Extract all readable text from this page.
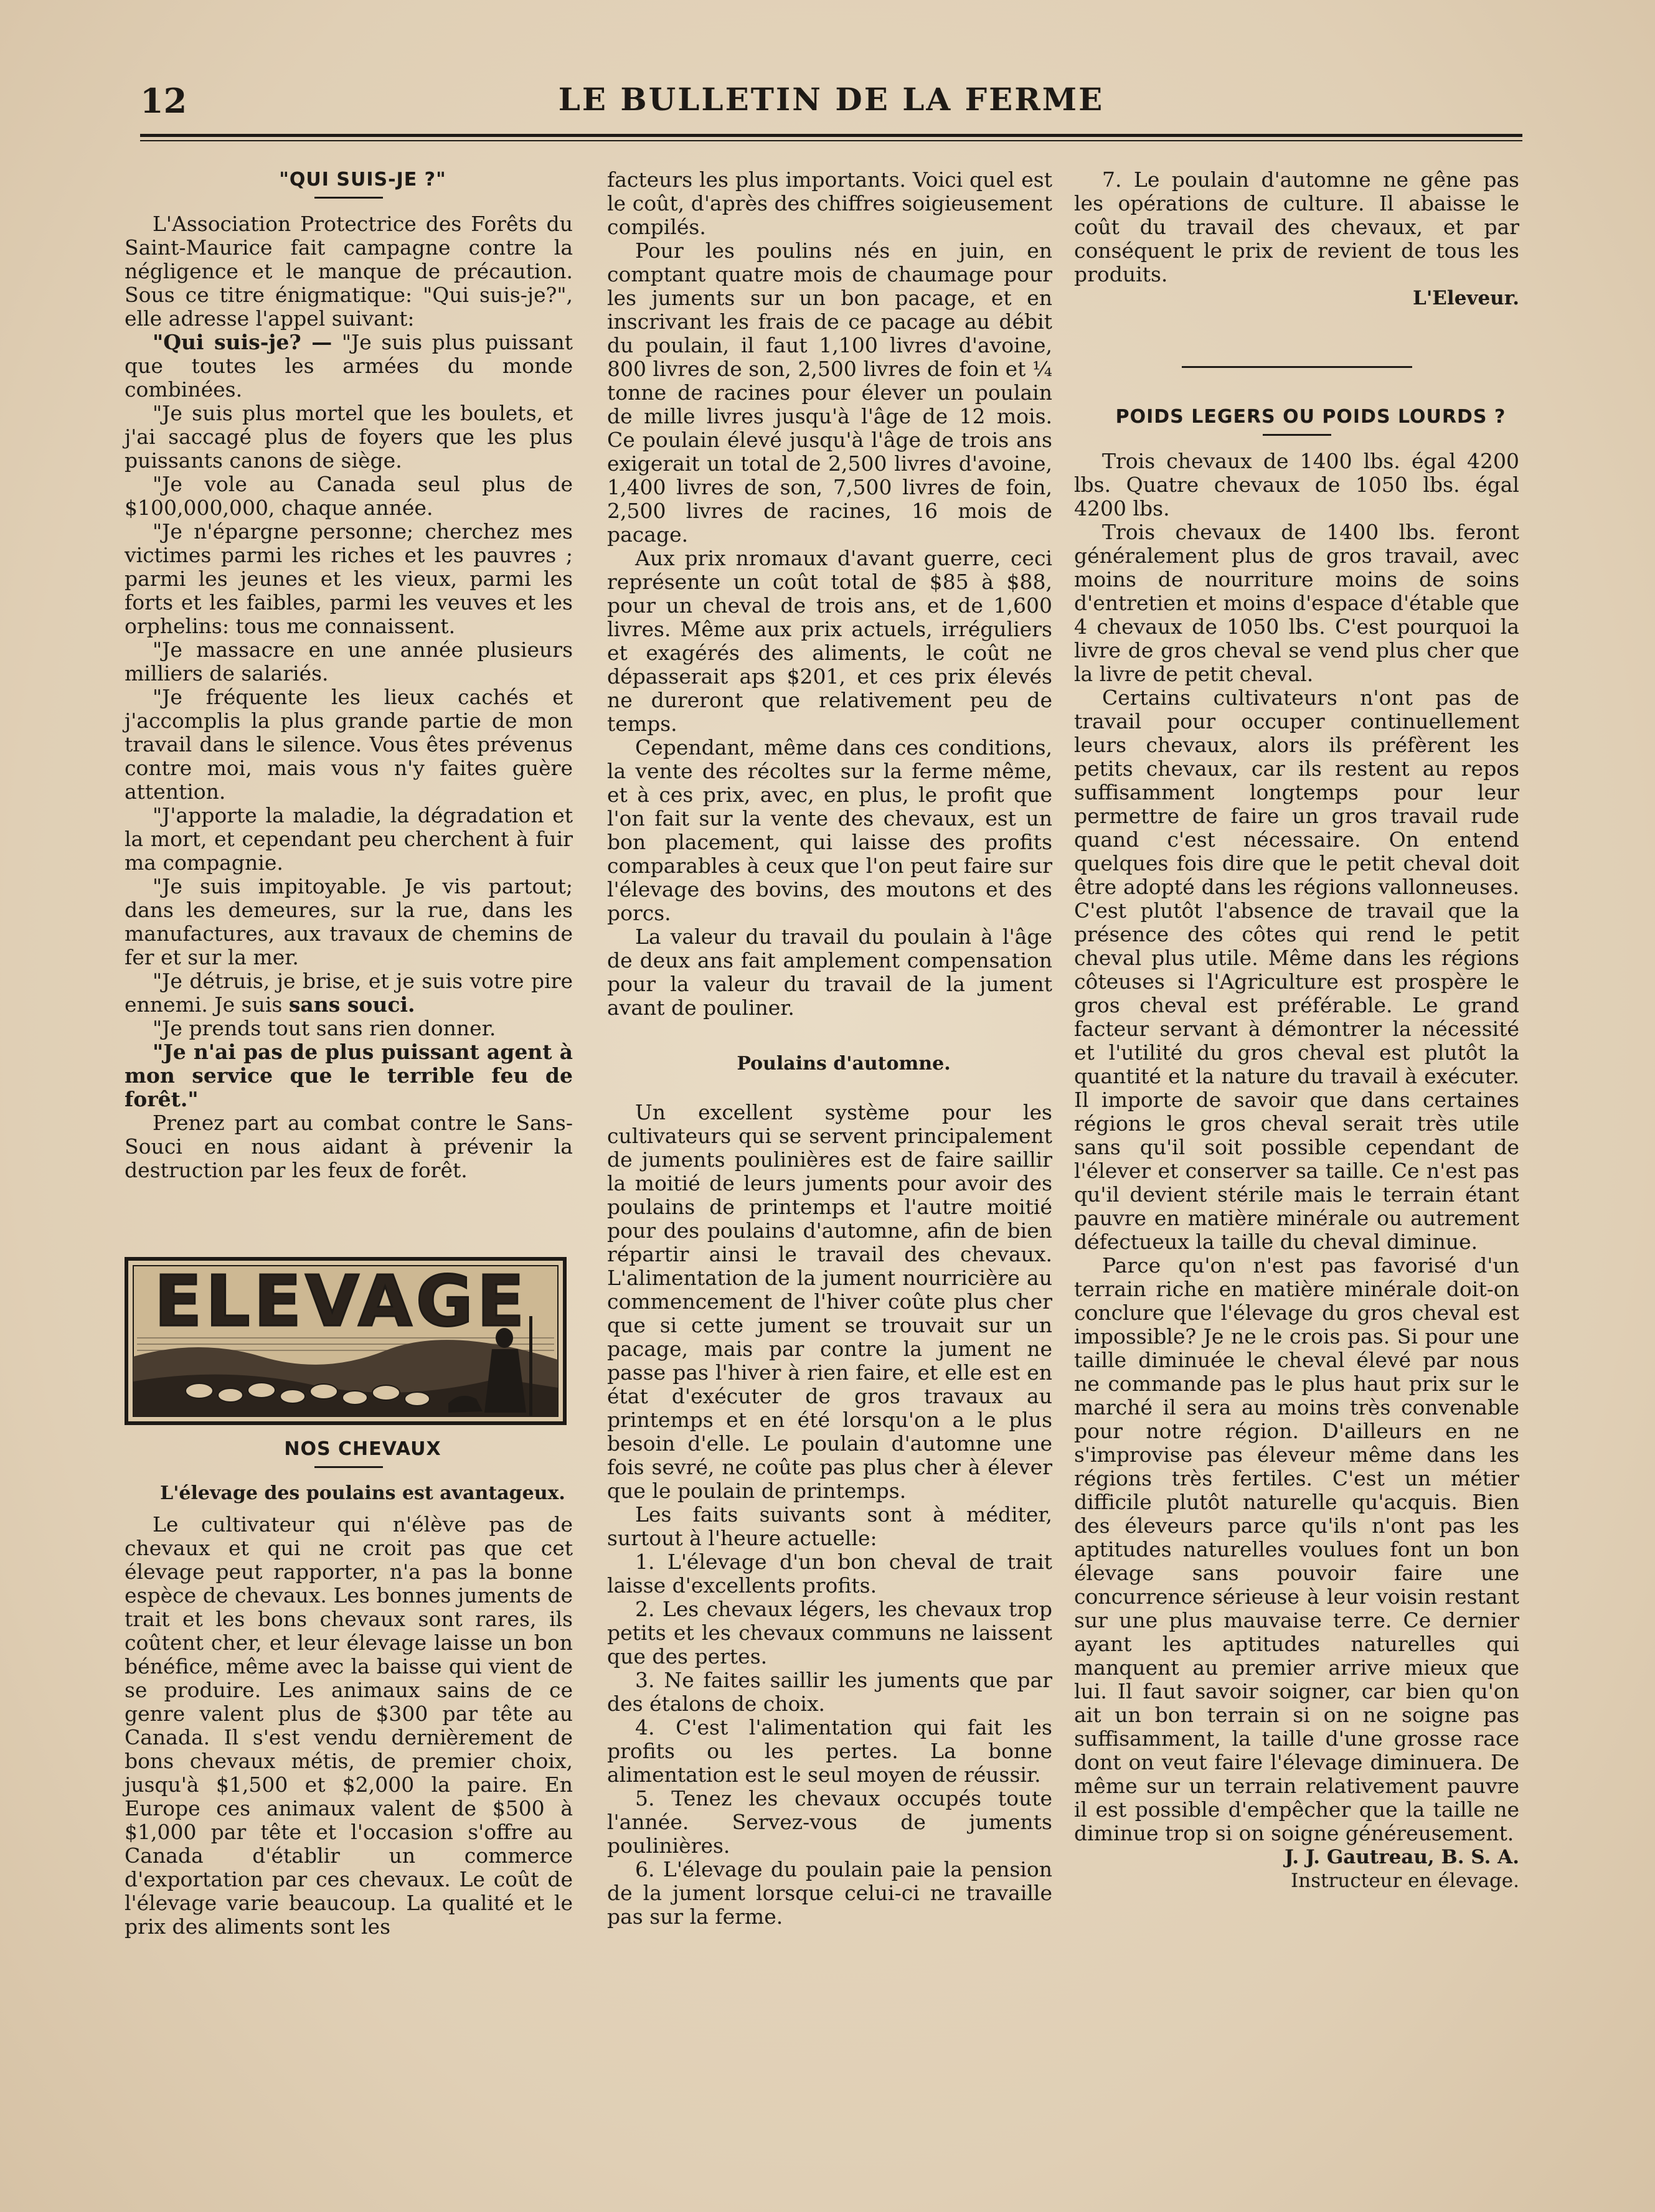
12	LE BULLETIN DE LA FERME

"QUI SUIS-JE ?"

L'Association Protectrice des Forêts du Saint-Maurice fait campagne contre la négligence et le manque de précaution. Sous ce titre énigmatique: "Qui suis-je?", elle adresse l'appel suivant:

"Qui suis-je? — "Je suis plus puissant que toutes les armées du monde combinées.

"Je suis plus mortel que les boulets, et j'ai saccagé plus de foyers que les plus puissants canons de siège.

"Je vole au Canada seul plus de $100,000,000, chaque année.

"Je n'épargne personne; cherchez mes victimes parmi les riches et les pauvres ; parmi les jeunes et les vieux, parmi les forts et les faibles, parmi les veuves et les orphelins: tous me connaissent.

"Je massacre en une année plusieurs milliers de salariés.

"Je fréquente les lieux cachés et j'accomplis la plus grande partie de mon travail dans le silence. Vous êtes prévenus contre moi, mais vous n'y faites guère attention.

"J'apporte la maladie, la dégradation et la mort, et cependant peu cherchent à fuir ma compagnie.

"Je suis impitoyable. Je vis partout; dans les demeures, sur la rue, dans les manufactures, aux travaux de chemins de fer et sur la mer.

"Je détruis, je brise, et je suis votre pire ennemi. Je suis sans souci.

"Je prends tout sans rien donner.

"Je n'ai pas de plus puissant agent à mon service que le terrible feu de forêt."

Prenez part au combat contre le Sans-Souci en nous aidant à prévenir la destruction par les feux de forêt.

ELEVAGE

NOS CHEVAUX

L'élevage des poulains est avantageux.

Le cultivateur qui n'élève pas de chevaux et qui ne croit pas que cet élevage peut rapporter, n'a pas la bonne espèce de chevaux. Les bonnes juments de trait et les bons chevaux sont rares, ils coûtent cher, et leur élevage laisse un bon bénéfice, même avec la baisse qui vient de se produire. Les animaux sains de ce genre valent plus de $300 par tête au Canada. Il s'est vendu dernièrement de bons chevaux métis, de premier choix, jusqu'à $1,500 et $2,000 la paire. En Europe ces animaux valent de $500 à $1,000 par tête et l'occasion s'offre au Canada d'établir un commerce d'exportation par ces chevaux. Le coût de l'élevage varie beaucoup. La qualité et le prix des aliments sont les

facteurs les plus importants. Voici quel est le coût, d'après des chiffres soigieusement compilés.

Pour les poulins nés en juin, en comptant quatre mois de chaumage pour les juments sur un bon pacage, et en inscrivant les frais de ce pacage au débit du poulain, il faut 1,100 livres d'avoine, 800 livres de son, 2,500 livres de foin et ¼ tonne de racines pour élever un poulain de mille livres jusqu'à l'âge de 12 mois. Ce poulain élevé jusqu'à l'âge de trois ans exigerait un total de 2,500 livres d'avoine, 1,400 livres de son, 7,500 livres de foin, 2,500 livres de racines, 16 mois de pacage.

Aux prix nromaux d'avant guerre, ceci représente un coût total de $85 à $88, pour un cheval de trois ans, et de 1,600 livres. Même aux prix actuels, irréguliers et exagérés des aliments, le coût ne dépasserait aps $201, et ces prix élevés ne dureront que relativement peu de temps.

Cependant, même dans ces conditions, la vente des récoltes sur la ferme même, et à ces prix, avec, en plus, le profit que l'on fait sur la vente des chevaux, est un bon placement, qui laisse des profits comparables à ceux que l'on peut faire sur l'élevage des bovins, des moutons et des porcs.

La valeur du travail du poulain à l'âge de deux ans fait amplement compensation pour la valeur du travail de la jument avant de pouliner.

Poulains d'automne.

Un excellent système pour les cultivateurs qui se servent principalement de juments poulinières est de faire saillir la moitié de leurs juments pour avoir des poulains de printemps et l'autre moitié pour des poulains d'automne, afin de bien répartir ainsi le travail des chevaux. L'alimentation de la jument nourricière au commencement de l'hiver coûte plus cher que si cette jument se trouvait sur un pacage, mais par contre la jument ne passe pas l'hiver à rien faire, et elle est en état d'exécuter de gros travaux au printemps et en été lorsqu'on a le plus besoin d'elle. Le poulain d'automne une fois sevré, ne coûte pas plus cher à élever que le poulain de printemps.

Les faits suivants sont à méditer, surtout à l'heure actuelle:

1. L'élevage d'un bon cheval de trait laisse d'excellents profits.

2. Les chevaux légers, les chevaux trop petits et les chevaux communs ne laissent que des pertes.

3. Ne faites saillir les juments que par des étalons de choix.

4. C'est l'alimentation qui fait les profits ou les pertes. La bonne alimentation est le seul moyen de réussir.

5. Tenez les chevaux occupés toute l'année. Servez-vous de juments poulinières.

6. L'élevage du poulain paie la pension de la jument lorsque celui-ci ne travaille pas sur la ferme.

7. Le poulain d'automne ne gêne pas les opérations de culture. Il abaisse le coût du travail des chevaux, et par conséquent le prix de revient de tous les produits.

L'Eleveur.

POIDS LEGERS OU POIDS LOURDS ?

Trois chevaux de 1400 lbs. égal 4200 lbs. Quatre chevaux de 1050 lbs. égal 4200 lbs.

Trois chevaux de 1400 lbs. feront généralement plus de gros travail, avec moins de nourriture moins de soins d'entretien et moins d'espace d'étable que 4 chevaux de 1050 lbs. C'est pourquoi la livre de gros cheval se vend plus cher que la livre de petit cheval.

Certains cultivateurs n'ont pas de travail pour occuper continuellement leurs chevaux, alors ils préfèrent les petits chevaux, car ils restent au repos suffisamment longtemps pour leur permettre de faire un gros travail rude quand c'est nécessaire. On entend quelques fois dire que le petit cheval doit être adopté dans les régions vallonneuses. C'est plutôt l'absence de travail que la présence des côtes qui rend le petit cheval plus utile. Même dans les régions côteuses si l'Agriculture est prospère le gros cheval est préférable. Le grand facteur servant à démontrer la nécessité et l'utilité du gros cheval est plutôt la quantité et la nature du travail à exécuter. Il importe de savoir que dans certaines régions le gros cheval serait très utile sans qu'il soit possible cependant de l'élever et conserver sa taille. Ce n'est pas qu'il devient stérile mais le terrain étant pauvre en matière minérale ou autrement défectueux la taille du cheval diminue.

Parce qu'on n'est pas favorisé d'un terrain riche en matière minérale doit-on conclure que l'élevage du gros cheval est impossible? Je ne le crois pas. Si pour une taille diminuée le cheval élevé par nous ne commande pas le plus haut prix sur le marché il sera au moins très convenable pour notre région. D'ailleurs en ne s'improvise pas éleveur même dans les régions très fertiles. C'est un métier difficile plutôt naturelle qu'acquis. Bien des éleveurs parce qu'ils n'ont pas les aptitudes naturelles voulues font un bon élevage sans pouvoir faire une concurrence sérieuse à leur voisin restant sur une plus mauvaise terre. Ce dernier ayant les aptitudes naturelles qui manquent au premier arrive mieux que lui. Il faut savoir soigner, car bien qu'on ait un bon terrain si on ne soigne pas suffisamment, la taille d'une grosse race dont on veut faire l'élevage diminuera. De même sur un terrain relativement pauvre il est possible d'empêcher que la taille ne diminue trop si on soigne généreusement.

J. J. Gautreau, B. S. A.

Instructeur en élevage.
